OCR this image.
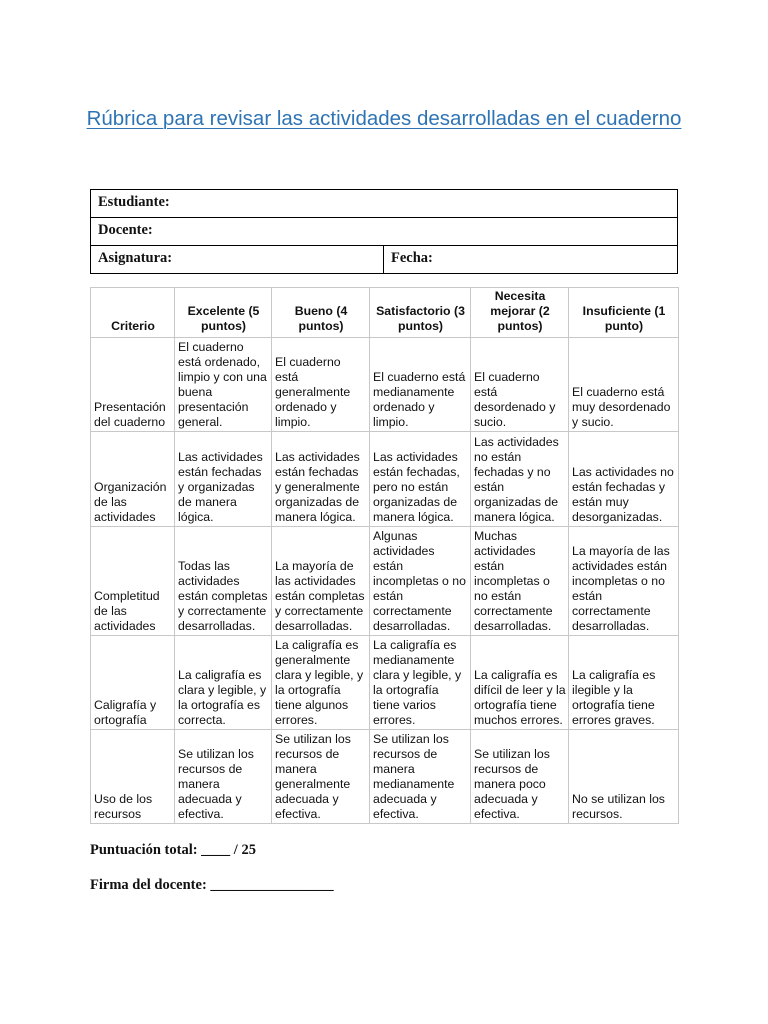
Rúbrica para revisar las actividades desarrolladas en el cuaderno
Estudiante:
Docente:
Asignatura:	Fecha:
Criterio	Excelente (5 puntos)	Bueno (4 puntos)	Satisfactorio (3 puntos)	Necesita mejorar (2 puntos)	Insuficiente (1 punto)
Presentación del cuaderno	El cuaderno está ordenado, limpio y con una buena presentación general.	El cuaderno está generalmente ordenado y limpio.	El cuaderno está medianamente ordenado y limpio.	El cuaderno está desordenado y sucio.	El cuaderno está muy desordenado y sucio.
Organización de las actividades	Las actividades están fechadas y organizadas de manera lógica.	Las actividades están fechadas y generalmente organizadas de manera lógica.	Las actividades están fechadas, pero no están organizadas de manera lógica.	Las actividades no están fechadas y no están organizadas de manera lógica.	Las actividades no están fechadas y están muy desorganizadas.
Completitud de las actividades	Todas las actividades están completas y correctamente desarrolladas.	La mayoría de las actividades están completas y correctamente desarrolladas.	Algunas actividades están incompletas o no están correctamente desarrolladas.	Muchas actividades están incompletas o no están correctamente desarrolladas.	La mayoría de las actividades están incompletas o no están correctamente desarrolladas.
Caligrafía y ortografía	La caligrafía es clara y legible, y la ortografía es correcta.	La caligrafía es generalmente clara y legible, y la ortografía tiene algunos errores.	La caligrafía es medianamente clara y legible, y la ortografía tiene varios errores.	La caligrafía es difícil de leer y la ortografía tiene muchos errores.	La caligrafía es ilegible y la ortografía tiene errores graves.
Uso de los recursos	Se utilizan los recursos de manera adecuada y efectiva.	Se utilizan los recursos de manera generalmente adecuada y efectiva.	Se utilizan los recursos de manera medianamente adecuada y efectiva.	Se utilizan los recursos de manera poco adecuada y efectiva.	No se utilizan los recursos.
Puntuación total: ____ / 25
Firma del docente: _________________
